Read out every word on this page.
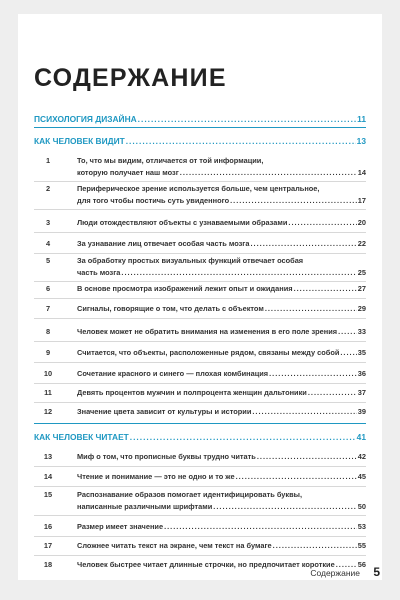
СОДЕРЖАНИЕ
ПСИХОЛОГИЯ ДИЗАЙНА .....	11
КАК ЧЕЛОВЕК ВИДИТ .....	13
1	То, что мы видим, отличается от той информации,
которую получает наш мозг .....	14
2	Периферическое зрение используется больше, чем центральное,
для того чтобы постичь суть увиденного .....	17
3	Люди отождествляют объекты с узнаваемыми образами .....	20
4	За узнавание лиц отвечает особая часть мозга .....	22
5	За обработку простых визуальных функций отвечает особая
часть мозга .....	25
6	В основе просмотра изображений лежит опыт и ожидания .....	27
7	Сигналы, говорящие о том, что делать с объектом .....	29
8	Человек может не обратить внимания на изменения в его поле зрения .....	33
9	Считается, что объекты, расположенные рядом, связаны между собой ..... 35
10	Сочетание красного и синего — плохая комбинация .....	36
11	Девять процентов мужчин и полпроцента женщин дальтоники .....	37
12	Значение цвета зависит от культуры и истории .....	39
КАК ЧЕЛОВЕК ЧИТАЕТ .....	41
13	Миф о том, что прописные буквы трудно читать .....	42
14	Чтение и понимание — это не одно и то же .....	45
15	Распознавание образов помогает идентифицировать буквы,
написанные различными шрифтами .....	50
16	Размер имеет значение .....	53
17	Сложнее читать текст на экране, чем текст на бумаге .....	55
18	Человек быстрее читает длинные строчки, но предпочитает короткие .....	56
Содержание 5
